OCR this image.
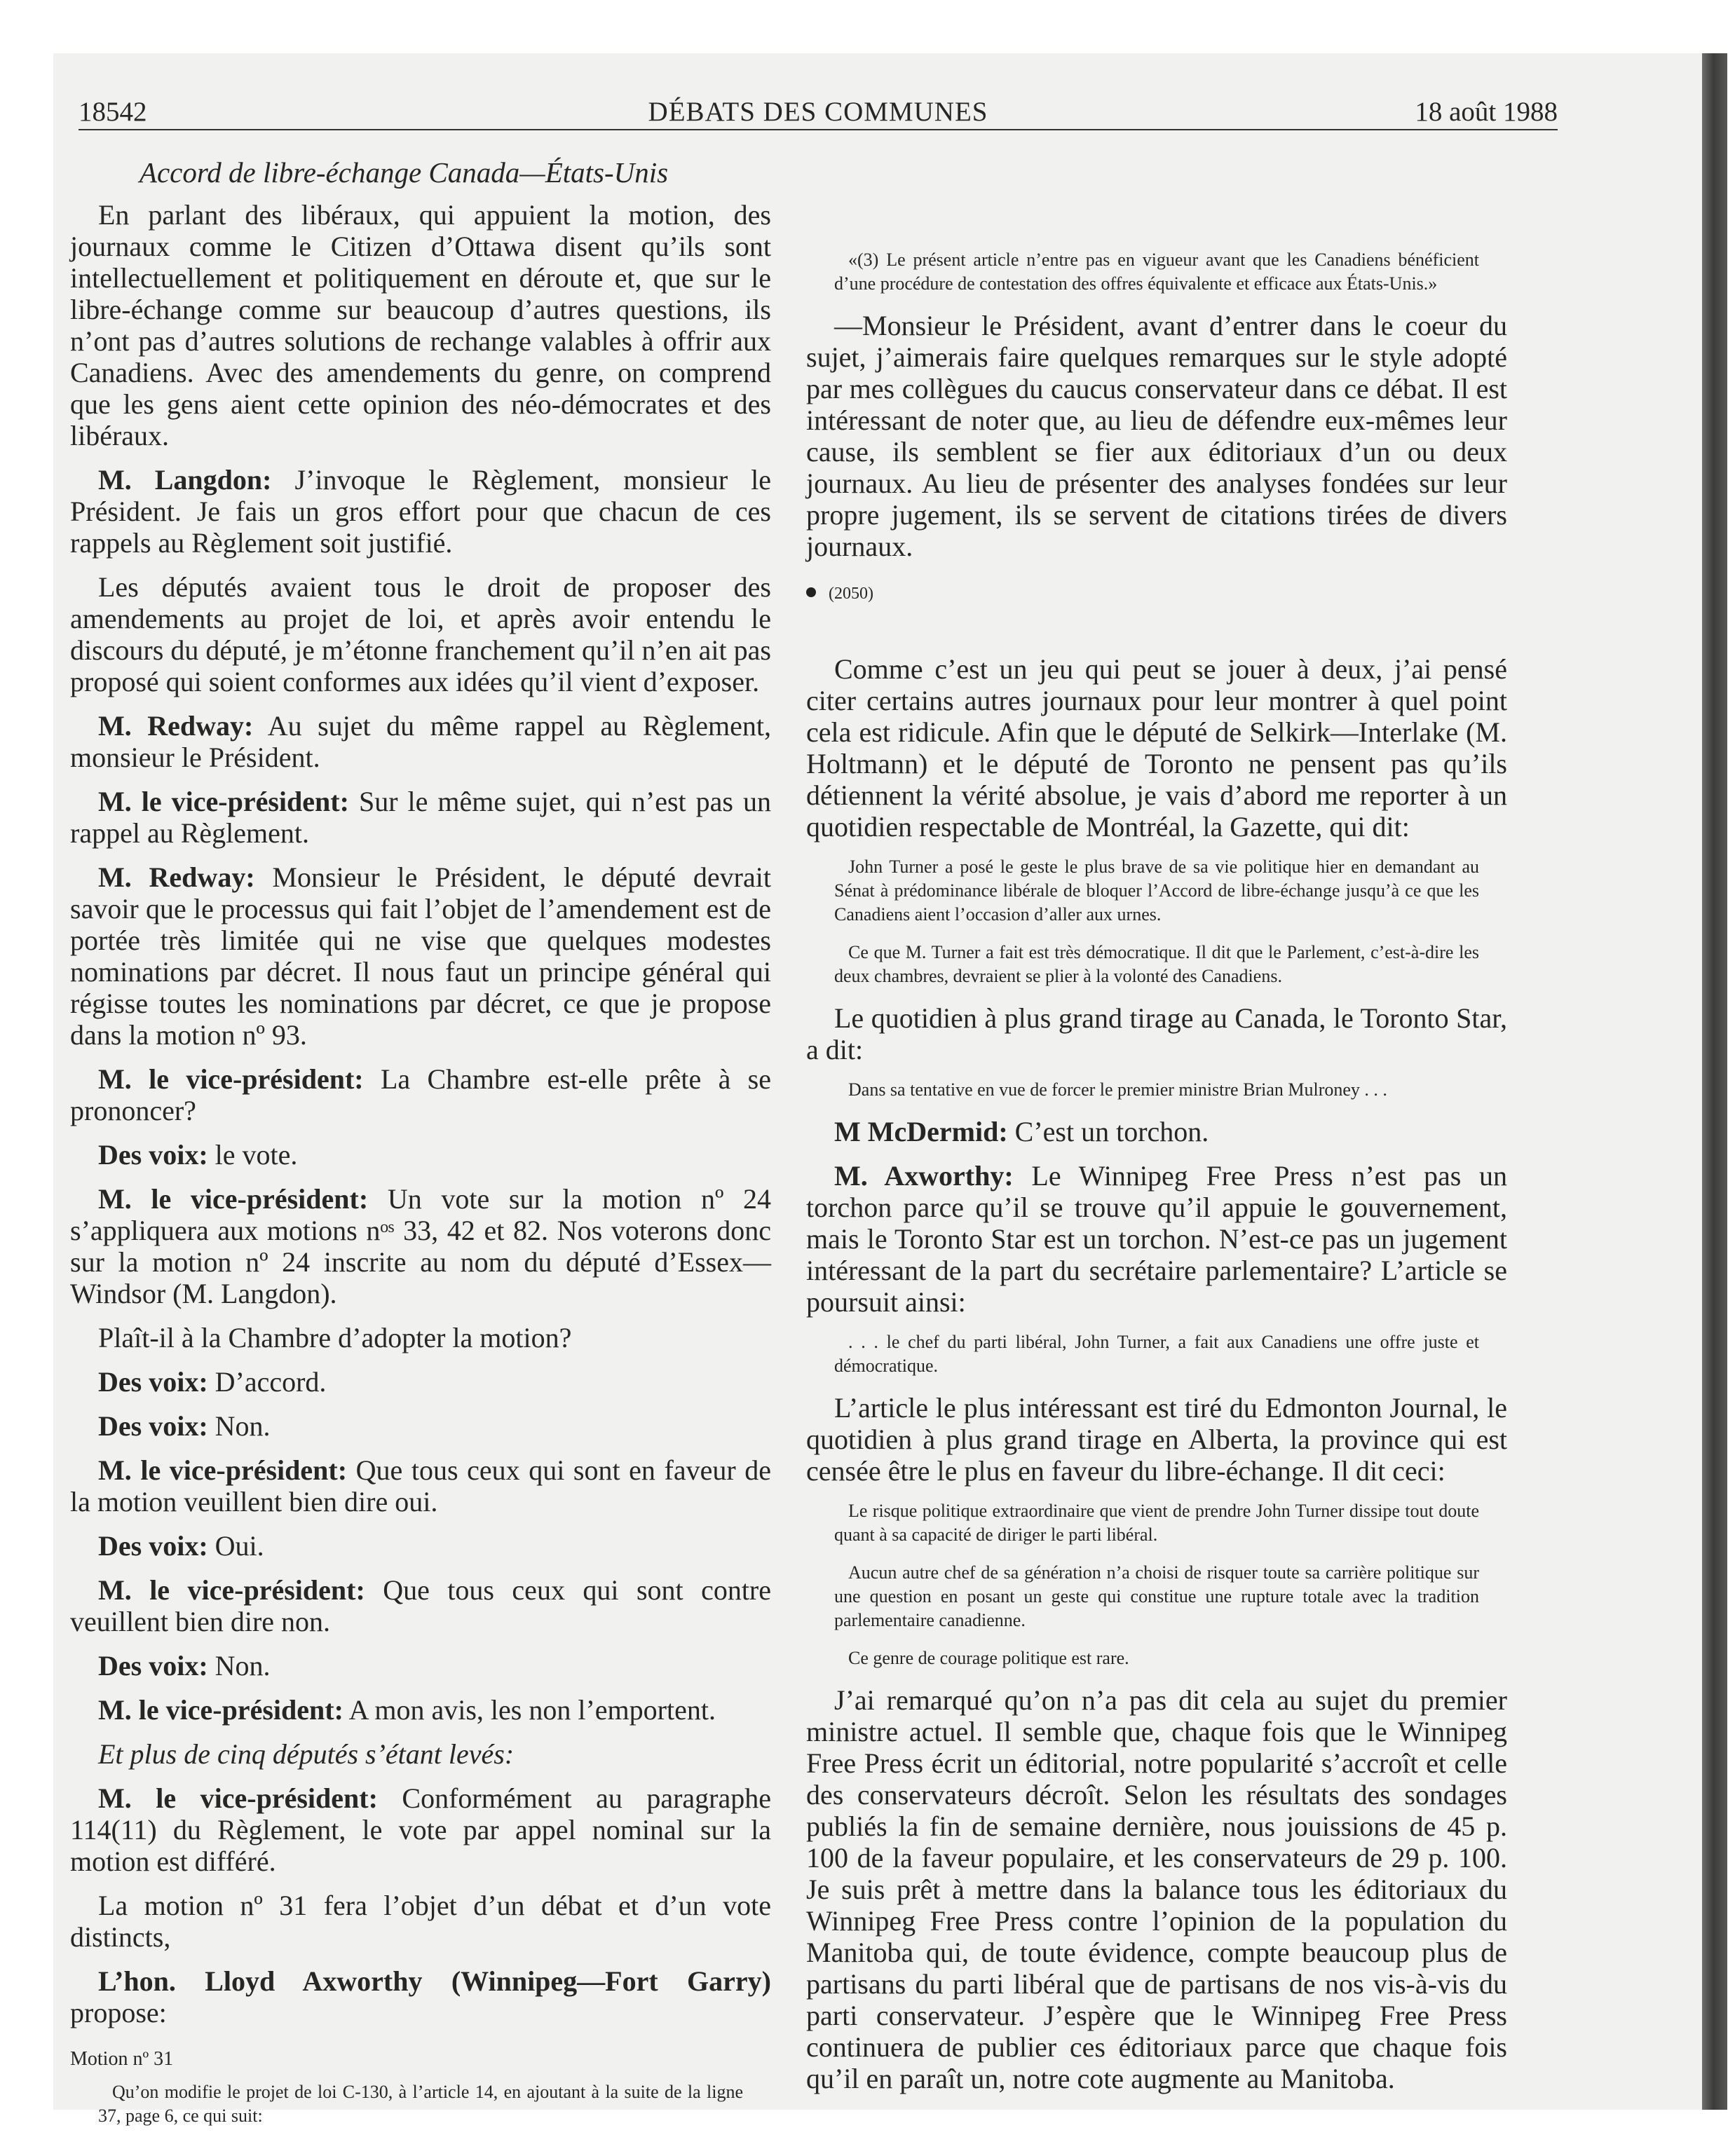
18542	DÉBATS DES COMMUNES	18 août 1988
Accord de libre-échange Canada—États-Unis

En parlant des libéraux, qui appuient la motion, des journaux comme le Citizen d’Ottawa disent qu’ils sont intellectuellement et politiquement en déroute et, que sur le libre-échange comme sur beaucoup d’autres questions, ils n’ont pas d’autres solutions de rechange valables à offrir aux Canadiens. Avec des amendements du genre, on comprend que les gens aient cette opinion des néo-démocrates et des libéraux.

M. Langdon: J’invoque le Règlement, monsieur le Président. Je fais un gros effort pour que chacun de ces rappels au Règlement soit justifié.

Les députés avaient tous le droit de proposer des amendements au projet de loi, et après avoir entendu le discours du député, je m’étonne franchement qu’il n’en ait pas proposé qui soient conformes aux idées qu’il vient d’exposer.

M. Redway: Au sujet du même rappel au Règlement, monsieur le Président.

M. le vice-président: Sur le même sujet, qui n’est pas un rappel au Règlement.

M. Redway: Monsieur le Président, le député devrait savoir que le processus qui fait l’objet de l’amendement est de portée très limitée qui ne vise que quelques modestes nominations par décret. Il nous faut un principe général qui régisse toutes les nominations par décret, ce que je propose dans la motion nº 93.

M. le vice-président: La Chambre est-elle prête à se prononcer?

Des voix: le vote.

M. le vice-président: Un vote sur la motion nº 24 s’appliquera aux motions nᵒˢ 33, 42 et 82. Nos voterons donc sur la motion nº 24 inscrite au nom du député d’Essex—Windsor (M. Langdon).

Plaît-il à la Chambre d’adopter la motion?

Des voix: D’accord.

Des voix: Non.

M. le vice-président: Que tous ceux qui sont en faveur de la motion veuillent bien dire oui.

Des voix: Oui.

M. le vice-président: Que tous ceux qui sont contre veuillent bien dire non.

Des voix: Non.

M. le vice-président: A mon avis, les non l’emportent.

Et plus de cinq députés s’étant levés:

M. le vice-président: Conformément au paragraphe 114(11) du Règlement, le vote par appel nominal sur la motion est différé.

La motion nº 31 fera l’objet d’un débat et d’un vote distincts,

L’hon. Lloyd Axworthy (Winnipeg—Fort Garry) propose:

Motion nº 31

Qu’on modifie le projet de loi C-130, à l’article 14, en ajoutant à la suite de la ligne 37, page 6, ce qui suit:

«(3) Le présent article n’entre pas en vigueur avant que les Canadiens bénéficient d’une procédure de contestation des offres équivalente et efficace aux États-Unis.»

—Monsieur le Président, avant d’entrer dans le coeur du sujet, j’aimerais faire quelques remarques sur le style adopté par mes collègues du caucus conservateur dans ce débat. Il est intéressant de noter que, au lieu de défendre eux-mêmes leur cause, ils semblent se fier aux éditoriaux d’un ou deux journaux. Au lieu de présenter des analyses fondées sur leur propre jugement, ils se servent de citations tirées de divers journaux.

(2050)

Comme c’est un jeu qui peut se jouer à deux, j’ai pensé citer certains autres journaux pour leur montrer à quel point cela est ridicule. Afin que le député de Selkirk—Interlake (M. Holtmann) et le député de Toronto ne pensent pas qu’ils détiennent la vérité absolue, je vais d’abord me reporter à un quotidien respectable de Montréal, la Gazette, qui dit:

John Turner a posé le geste le plus brave de sa vie politique hier en demandant au Sénat à prédominance libérale de bloquer l’Accord de libre-échange jusqu’à ce que les Canadiens aient l’occasion d’aller aux urnes.

Ce que M. Turner a fait est très démocratique. Il dit que le Parlement, c’est-à-dire les deux chambres, devraient se plier à la volonté des Canadiens.

Le quotidien à plus grand tirage au Canada, le Toronto Star, a dit:

Dans sa tentative en vue de forcer le premier ministre Brian Mulroney . . .

M McDermid: C’est un torchon.

M. Axworthy: Le Winnipeg Free Press n’est pas un torchon parce qu’il se trouve qu’il appuie le gouvernement, mais le Toronto Star est un torchon. N’est-ce pas un jugement intéressant de la part du secrétaire parlementaire? L’article se poursuit ainsi:

. . . le chef du parti libéral, John Turner, a fait aux Canadiens une offre juste et démocratique.

L’article le plus intéressant est tiré du Edmonton Journal, le quotidien à plus grand tirage en Alberta, la province qui est censée être le plus en faveur du libre-échange. Il dit ceci:

Le risque politique extraordinaire que vient de prendre John Turner dissipe tout doute quant à sa capacité de diriger le parti libéral.

Aucun autre chef de sa génération n’a choisi de risquer toute sa carrière politique sur une question en posant un geste qui constitue une rupture totale avec la tradition parlementaire canadienne.

Ce genre de courage politique est rare.

J’ai remarqué qu’on n’a pas dit cela au sujet du premier ministre actuel. Il semble que, chaque fois que le Winnipeg Free Press écrit un éditorial, notre popularité s’accroît et celle des conservateurs décroît. Selon les résultats des sondages publiés la fin de semaine dernière, nous jouissions de 45 p. 100 de la faveur populaire, et les conservateurs de 29 p. 100. Je suis prêt à mettre dans la balance tous les éditoriaux du Winnipeg Free Press contre l’opinion de la population du Manitoba qui, de toute évidence, compte beaucoup plus de partisans du parti libéral que de partisans de nos vis-à-vis du parti conservateur. J’espère que le Winnipeg Free Press continuera de publier ces éditoriaux parce que chaque fois qu’il en paraît un, notre cote augmente au Manitoba.
